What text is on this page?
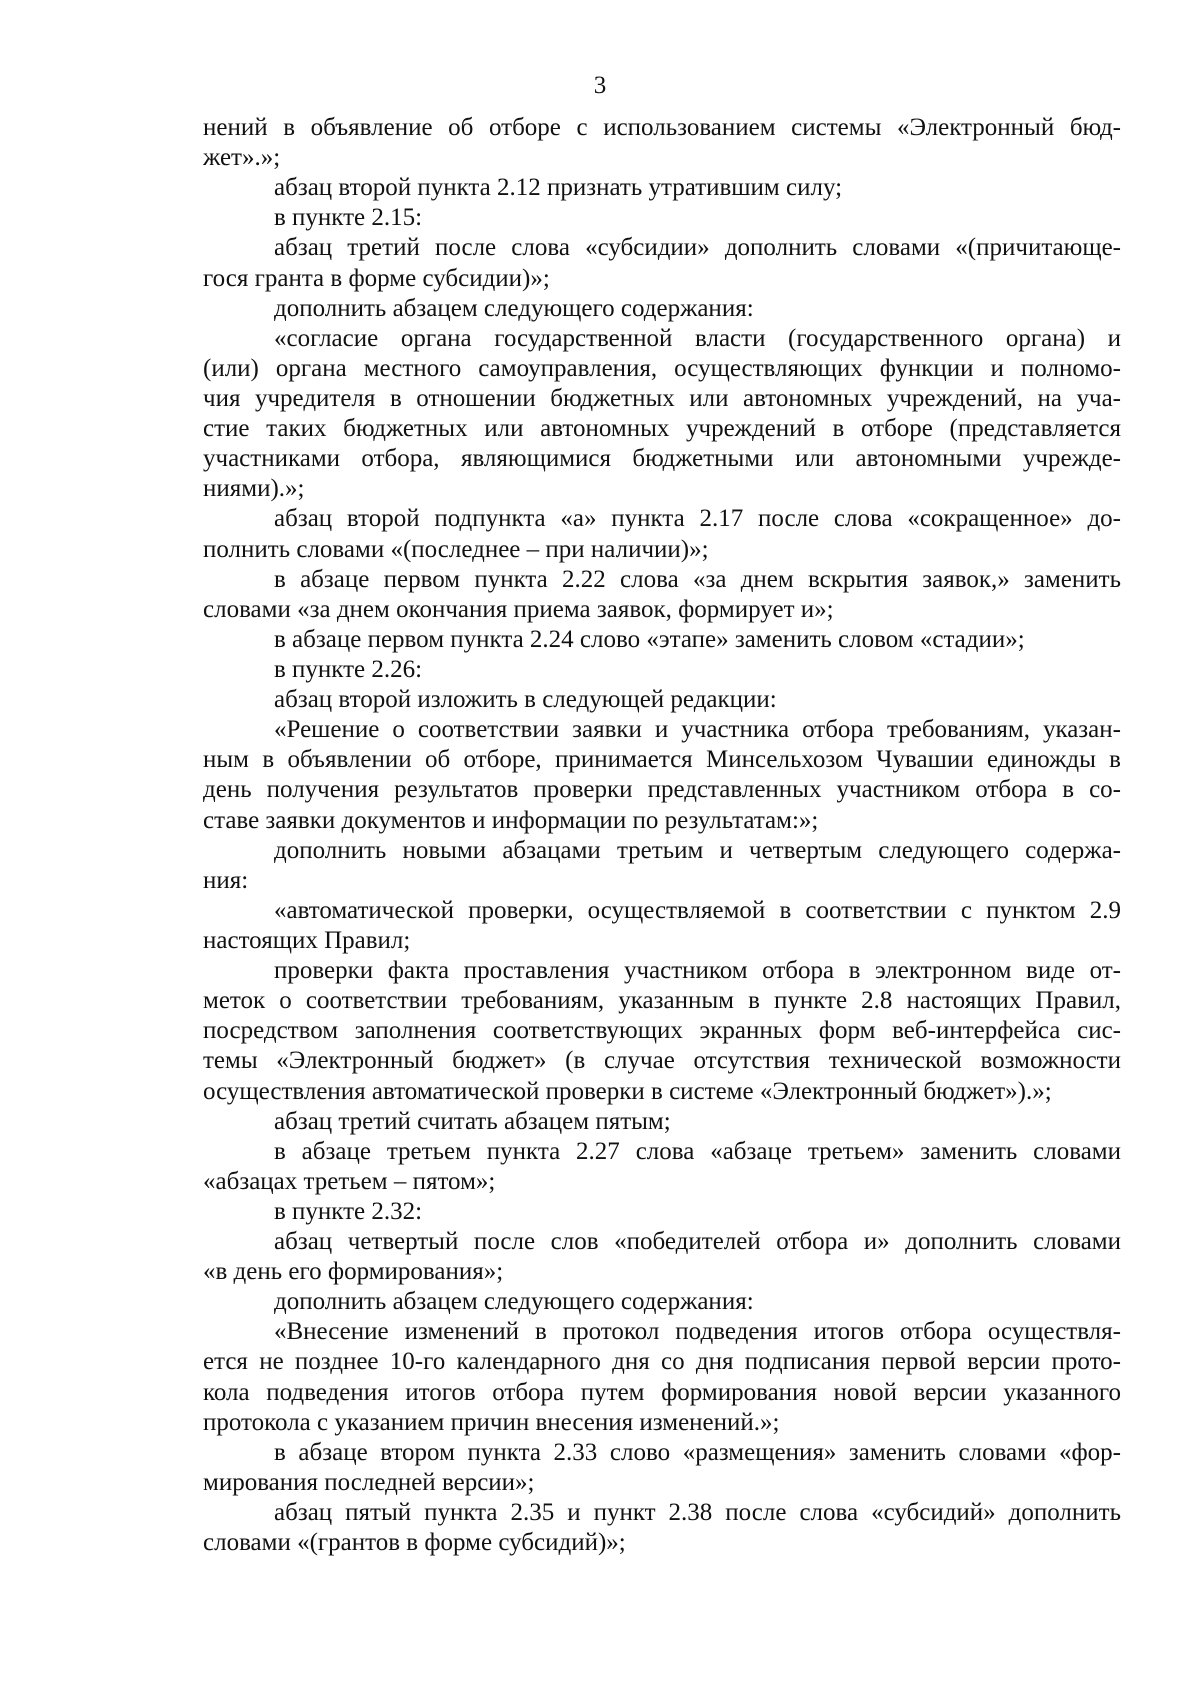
3
нений в объявление об отборе с использованием системы «Электронный бюд-
жет».»;
абзац второй пункта 2.12 признать утратившим силу;
в пункте 2.15:
абзац третий после слова «субсидии» дополнить словами «(причитающе-
гося гранта в форме субсидии)»;
дополнить абзацем следующего содержания:
«согласие органа государственной власти (государственного органа) и
(или) органа местного самоуправления, осуществляющих функции и полномо-
чия учредителя в отношении бюджетных или автономных учреждений, на уча-
стие таких бюджетных или автономных учреждений в отборе (представляется
участниками отбора, являющимися бюджетными или автономными учрежде-
ниями).»;
абзац второй подпункта «а» пункта 2.17 после слова «сокращенное» до-
полнить словами «(последнее – при наличии)»;
в абзаце первом пункта 2.22 слова «за днем вскрытия заявок,» заменить
словами «за днем окончания приема заявок, формирует и»;
в абзаце первом пункта 2.24 слово «этапе» заменить словом «стадии»;
в пункте 2.26:
абзац второй изложить в следующей редакции:
«Решение о соответствии заявки и участника отбора требованиям, указан-
ным в объявлении об отборе, принимается Минсельхозом Чувашии единожды в
день получения результатов проверки представленных участником отбора в со-
ставе заявки документов и информации по результатам:»;
дополнить новыми абзацами третьим и четвертым следующего содержа-
ния:
«автоматической проверки, осуществляемой в соответствии с пунктом 2.9
настоящих Правил;
проверки факта проставления участником отбора в электронном виде от-
меток о соответствии требованиям, указанным в пункте 2.8 настоящих Правил,
посредством заполнения соответствующих экранных форм веб-интерфейса сис-
темы «Электронный бюджет» (в случае отсутствия технической возможности
осуществления автоматической проверки в системе «Электронный бюджет»).»;
абзац третий считать абзацем пятым;
в абзаце третьем пункта 2.27 слова «абзаце третьем» заменить словами
«абзацах третьем – пятом»;
в пункте 2.32:
абзац четвертый после слов «победителей отбора и» дополнить словами
«в день его формирования»;
дополнить абзацем следующего содержания:
«Внесение изменений в протокол подведения итогов отбора осуществля-
ется не позднее 10-го календарного дня со дня подписания первой версии прото-
кола подведения итогов отбора путем формирования новой версии указанного
протокола с указанием причин внесения изменений.»;
в абзаце втором пункта 2.33 слово «размещения» заменить словами «фор-
мирования последней версии»;
абзац пятый пункта 2.35 и пункт 2.38 после слова «субсидий» дополнить
словами «(грантов в форме субсидий)»;
